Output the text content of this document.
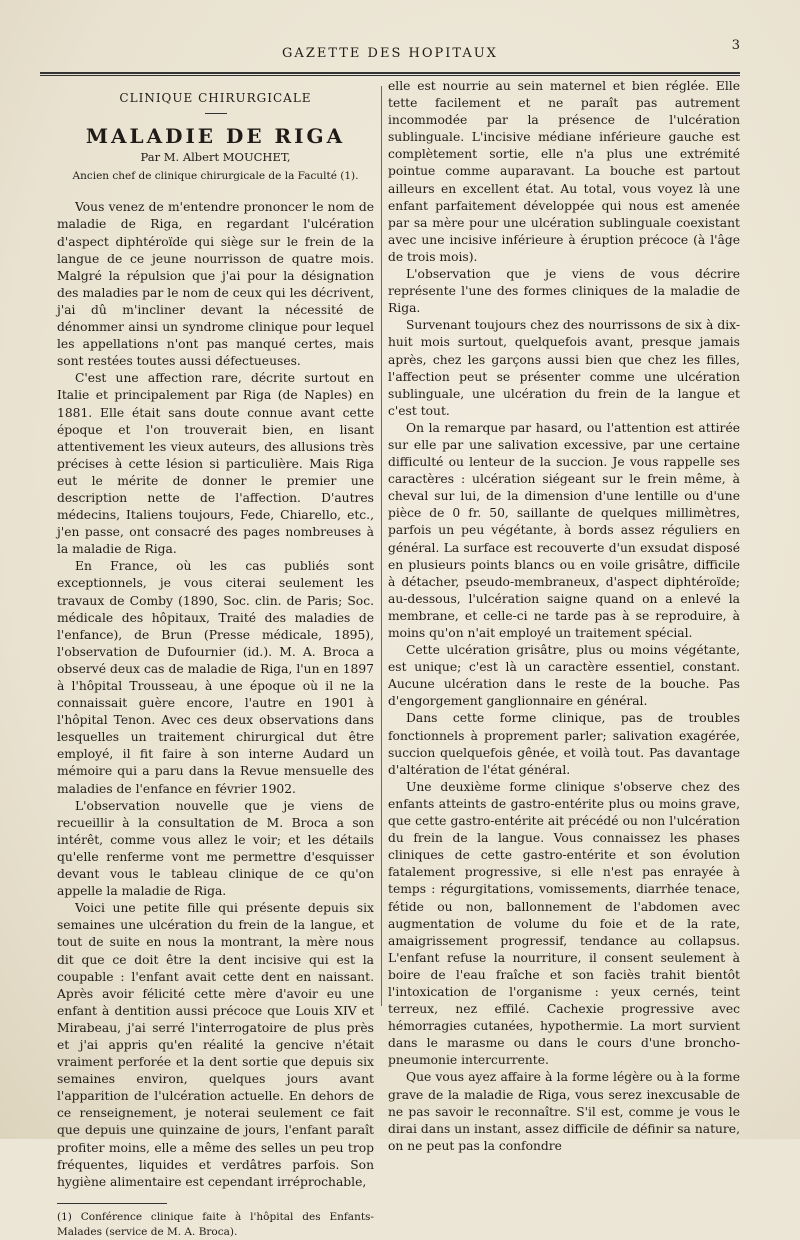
GAZETTE DES HOPITAUX
3
CLINIQUE CHIRURGICALE
MALADIE DE RIGA
Par M. Albert MOUCHET,
Ancien chef de clinique chirurgicale de la Faculté (1).

Vous venez de m'entendre prononcer le nom de maladie de Riga, en regardant l'ulcération d'aspect diphtéroïde qui siège sur le frein de la langue de ce jeune nourrisson de quatre mois. Malgré la répulsion que j'ai pour la désignation des maladies par le nom de ceux qui les décrivent, j'ai dû m'incliner devant la nécessité de dénommer ainsi un syndrome clinique pour lequel les appellations n'ont pas manqué certes, mais sont restées toutes aussi défectueuses.

C'est une affection rare, décrite surtout en Italie et principalement par Riga (de Naples) en 1881. Elle était sans doute connue avant cette époque et l'on trouverait bien, en lisant attentivement les vieux auteurs, des allusions très précises à cette lésion si particulière. Mais Riga eut le mérite de donner le premier une description nette de l'affection. D'autres médecins, Italiens toujours, Fede, Chiarello, etc., j'en passe, ont consacré des pages nombreuses à la maladie de Riga.

En France, où les cas publiés sont exceptionnels, je vous citerai seulement les travaux de Comby (1890, Soc. clin. de Paris; Soc. médicale des hôpitaux, Traité des maladies de l'enfance), de Brun (Presse médicale, 1895), l'observation de Dufournier (id.). M. A. Broca a observé deux cas de maladie de Riga, l'un en 1897 à l'hôpital Trousseau, à une époque où il ne la connaissait guère encore, l'autre en 1901 à l'hôpital Tenon. Avec ces deux observations dans lesquelles un traitement chirurgical dut être employé, il fit faire à son interne Audard un mémoire qui a paru dans la Revue mensuelle des maladies de l'enfance en février 1902.

L'observation nouvelle que je viens de recueillir à la consultation de M. Broca a son intérêt, comme vous allez le voir; et les détails qu'elle renferme vont me permettre d'esquisser devant vous le tableau clinique de ce qu'on appelle la maladie de Riga.

Voici une petite fille qui présente depuis six semaines une ulcération du frein de la langue, et tout de suite en nous la montrant, la mère nous dit que ce doit être la dent incisive qui est la coupable : l'enfant avait cette dent en naissant. Après avoir félicité cette mère d'avoir eu une enfant à dentition aussi précoce que Louis XIV et Mirabeau, j'ai serré l'interrogatoire de plus près et j'ai appris qu'en réalité la gencive n'était vraiment perforée et la dent sortie que depuis six semaines environ, quelques jours avant l'apparition de l'ulcération actuelle. En dehors de ce renseignement, je noterai seulement ce fait que depuis une quinzaine de jours, l'enfant paraît profiter moins, elle a même des selles un peu trop fréquentes, liquides et verdâtres parfois. Son hygiène alimentaire est cependant irréprochable,

(1) Conférence clinique faite à l'hôpital des Enfants-Malades (service de M. A. Broca).

elle est nourrie au sein maternel et bien réglée. Elle tette facilement et ne paraît pas autrement incommodée par la présence de l'ulcération sublinguale. L'incisive médiane inférieure gauche est complètement sortie, elle n'a plus une extrémité pointue comme auparavant. La bouche est partout ailleurs en excellent état. Au total, vous voyez là une enfant parfaitement développée qui nous est amenée par sa mère pour une ulcération sublinguale coexistant avec une incisive inférieure à éruption précoce (à l'âge de trois mois).

L'observation que je viens de vous décrire représente l'une des formes cliniques de la maladie de Riga.

Survenant toujours chez des nourrissons de six à dix-huit mois surtout, quelquefois avant, presque jamais après, chez les garçons aussi bien que chez les filles, l'affection peut se présenter comme une ulcération sublinguale, une ulcération du frein de la langue et c'est tout.

On la remarque par hasard, ou l'attention est attirée sur elle par une salivation excessive, par une certaine difficulté ou lenteur de la succion. Je vous rappelle ses caractères : ulcération siégeant sur le frein même, à cheval sur lui, de la dimension d'une lentille ou d'une pièce de 0 fr. 50, saillante de quelques millimètres, parfois un peu végétante, à bords assez réguliers en général. La surface est recouverte d'un exsudat disposé en plusieurs points blancs ou en voile grisâtre, difficile à détacher, pseudo-membraneux, d'aspect diphtéroïde; au-dessous, l'ulcération saigne quand on a enlevé la membrane, et celle-ci ne tarde pas à se reproduire, à moins qu'on n'ait employé un traitement spécial.

Cette ulcération grisâtre, plus ou moins végétante, est unique; c'est là un caractère essentiel, constant. Aucune ulcération dans le reste de la bouche. Pas d'engorgement ganglionnaire en général.

Dans cette forme clinique, pas de troubles fonctionnels à proprement parler; salivation exagérée, succion quelquefois gênée, et voilà tout. Pas davantage d'altération de l'état général.

Une deuxième forme clinique s'observe chez des enfants atteints de gastro-entérite plus ou moins grave, que cette gastro-entérite ait précédé ou non l'ulcération du frein de la langue. Vous connaissez les phases cliniques de cette gastro-entérite et son évolution fatalement progressive, si elle n'est pas enrayée à temps : régurgitations, vomissements, diarrhée tenace, fétide ou non, ballonnement de l'abdomen avec augmentation de volume du foie et de la rate, amaigrissement progressif, tendance au collapsus. L'enfant refuse la nourriture, il consent seulement à boire de l'eau fraîche et son faciès trahit bientôt l'intoxication de l'organisme : yeux cernés, teint terreux, nez effilé. Cachexie progressive avec hémorragies cutanées, hypothermie. La mort survient dans le marasme ou dans le cours d'une broncho-pneumonie intercurrente.

Que vous ayez affaire à la forme légère ou à la forme grave de la maladie de Riga, vous serez inexcusable de ne pas savoir le reconnaître. S'il est, comme je vous le dirai dans un instant, assez difficile de définir sa nature, on ne peut pas la confondre
